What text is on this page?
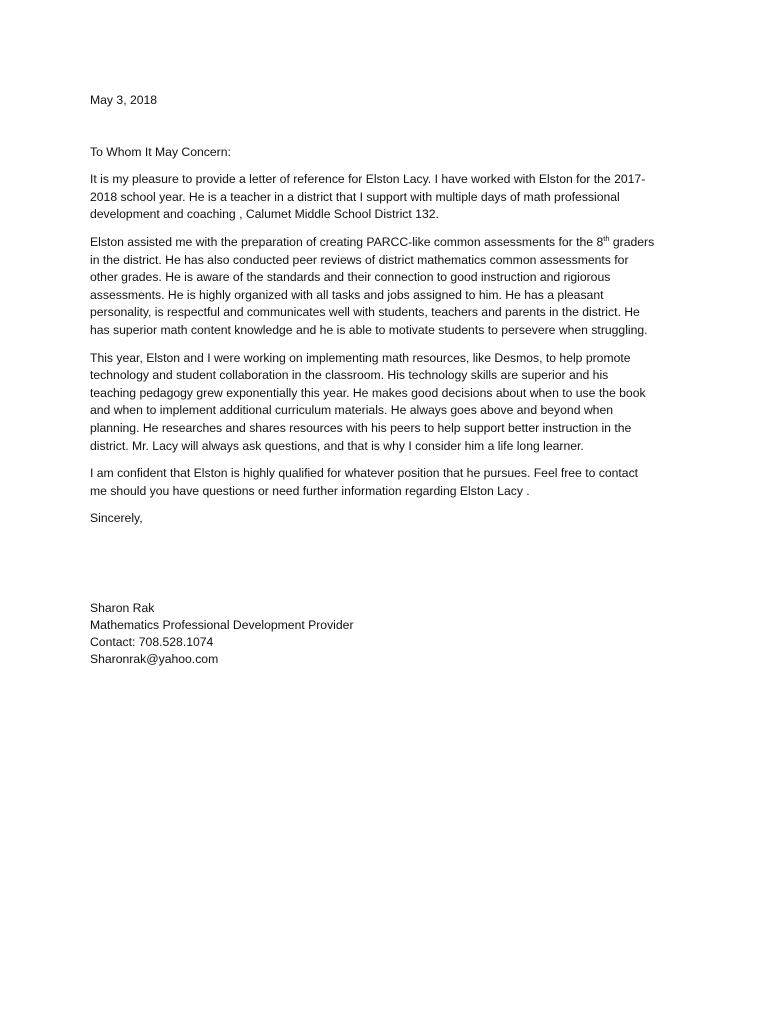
May 3, 2018
To Whom It May Concern:
It is my pleasure to provide a letter of reference for Elston Lacy. I have worked with Elston for the 2017-
2018 school year. He is a teacher in a district that I support with multiple days of math professional
development and coaching , Calumet Middle School District 132.
Elston assisted me with the preparation of creating PARCC-like common assessments for the 8th graders
in the district. He has also conducted peer reviews of district mathematics common assessments for
other grades. He is aware of the standards and their connection to good instruction and rigiorous
assessments. He is highly organized with all tasks and jobs assigned to him. He has a pleasant
personality, is respectful and communicates well with students, teachers and parents in the district. He
has superior math content knowledge and he is able to motivate students to persevere when struggling.
This year, Elston and I were working on implementing math resources, like Desmos, to help promote
technology and student collaboration in the classroom. His technology skills are superior and his
teaching pedagogy grew exponentially this year. He makes good decisions about when to use the book
and when to implement additional curriculum materials. He always goes above and beyond when
planning. He researches and shares resources with his peers to help support better instruction in the
district. Mr. Lacy will always ask questions, and that is why I consider him a life long learner.
I am confident that Elston is highly qualified for whatever position that he pursues. Feel free to contact
me should you have questions or need further information regarding Elston Lacy .
Sincerely,
Sharon Rak
Mathematics Professional Development Provider
Contact: 708.528.1074
Sharonrak@yahoo.com
